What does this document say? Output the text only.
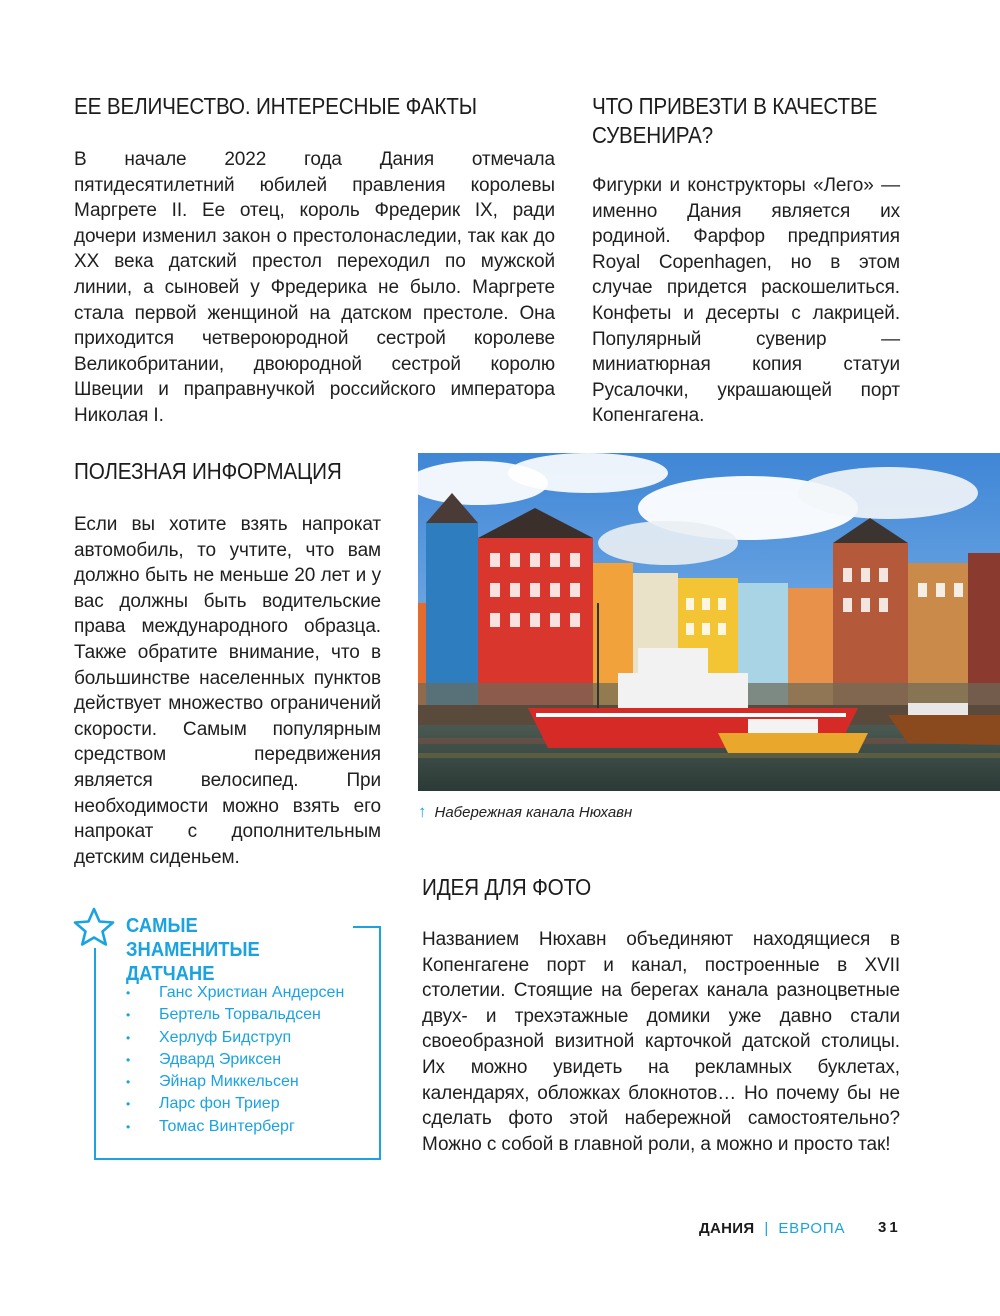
ЕЕ ВЕЛИЧЕСТВО. ИНТЕРЕСНЫЕ ФАКТЫ

В начале 2022 года Дания отмечала пятидесятилетний юбилей правления королевы Маргрете II. Ее отец, король Фредерик IX, ради дочери изменил закон о престолонаследии, так как до XX века датский престол переходил по мужской линии, а сыновей у Фредерика не было. Маргрете стала первой женщиной на датском престоле. Она приходится четвероюродной сестрой королеве Великобритании, двоюродной сестрой королю Швеции и праправнучкой российского императора Николая I.

ЧТО ПРИВЕЗТИ В КАЧЕСТВЕ
СУВЕНИРА?

Фигурки и конструкторы «Лего» — именно Дания является их родиной. Фарфор предприятия Royal Copenhagen, но в этом случае придется раскошелиться. Конфеты и десерты с лакрицей. Популярный сувенир — миниатюрная копия статуи Русалочки, украшающей порт Копенгагена.

ПОЛЕЗНАЯ ИНФОРМАЦИЯ

Если вы хотите взять напрокат автомобиль, то учтите, что вам должно быть не меньше 20 лет и у вас должны быть водительские права международного образца. Также обратите внимание, что в большинстве населенных пунктов действует множество ограничений скорости. Самым популярным средством передвижения является велосипед. При необходимости можно взять его напрокат с дополнительным детским сиденьем.

↑ Набережная канала Нюхавн
ИДЕЯ ДЛЯ ФОТО

Названием Нюхавн объединяют находящиеся в Копенгагене порт и канал, построенные в XVII столетии. Стоящие на берегах канала разноцветные двух- и трехэтажные домики уже давно стали своеобразной визитной карточкой датской столицы. Их можно увидеть на рекламных буклетах, календарях, обложках блокнотов… Но почему бы не сделать фото этой набережной самостоятельно? Можно с собой в главной роли, а можно и просто так!

САМЫЕ ЗНАМЕНИТЫЕ
ДАТЧАНЕ
• Ганс Христиан Андерсен
• Бертель Торвальдсен
• Херлуф Бидструп
• Эдвард Эриксен
• Эйнар Миккельсен
• Ларс фон Триер
• Томас Винтерберг
ДАНИЯ | ЕВРОПА 31
